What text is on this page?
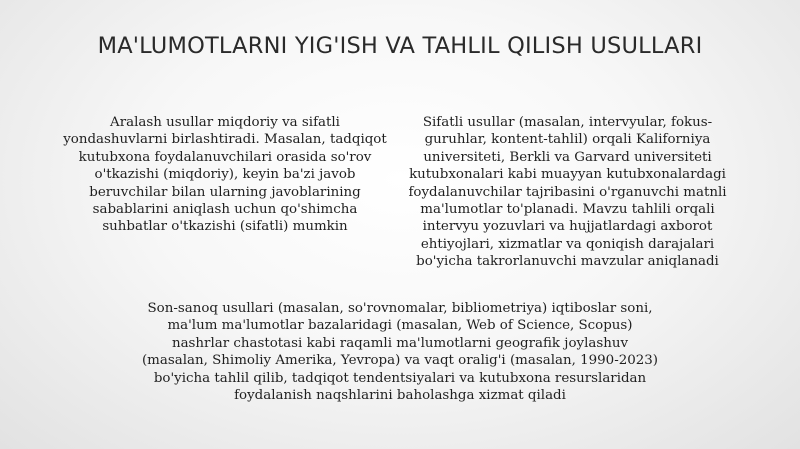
MA'LUMOTLARNI YIG'ISH VA TAHLIL QILISH USULLARI
Aralash usullar miqdoriy va sifatli yondashuvlarni birlashtiradi. Masalan, tadqiqot kutubxona foydalanuvchilari orasida so'rov o'tkazishi (miqdoriy), keyin ba'zi javob beruvchilar bilan ularning javoblarining sabablarini aniqlash uchun qo'shimcha suhbatlar o'tkazishi (sifatli) mumkin
Sifatli usullar (masalan, intervyular, fokus-guruhlar, kontent-tahlil) orqali Kaliforniya universiteti, Berkli va Garvard universiteti kutubxonalari kabi muayyan kutubxonalardagi foydalanuvchilar tajribasini o'rganuvchi matnli ma'lumotlar to'planadi. Mavzu tahlili orqali intervyu yozuvlari va hujjatlardagi axborot ehtiyojlari, xizmatlar va qoniqish darajalari bo'yicha takrorlanuvchi mavzular aniqlanadi
Son-sanoq usullari (masalan, so'rovnomalar, bibliometriya) iqtiboslar soni, ma'lum ma'lumotlar bazalaridagi (masalan, Web of Science, Scopus) nashrlar chastotasi kabi raqamli ma'lumotlarni geografik joylashuv (masalan, Shimoliy Amerika, Yevropa) va vaqt oralig'i (masalan, 1990-2023) bo'yicha tahlil qilib, tadqiqot tendentsiyalari va kutubxona resurslaridan foydalanish naqshlarini baholashga xizmat qiladi
